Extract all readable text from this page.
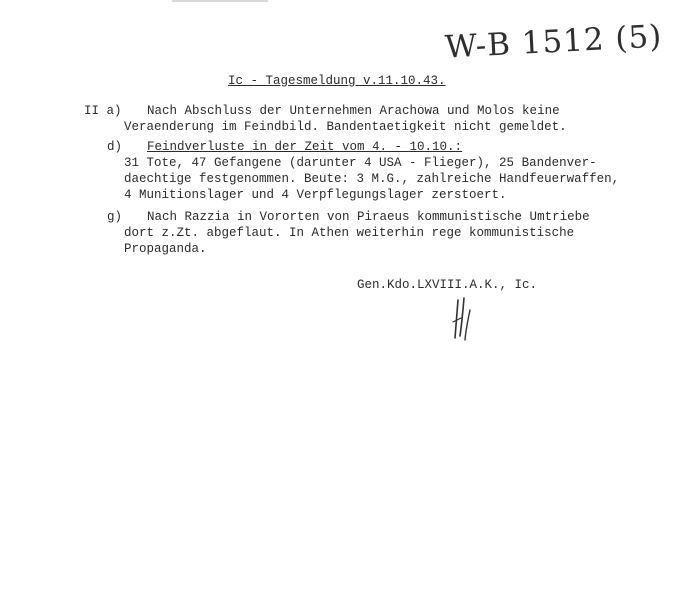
W-B 1512 (5)
Ic - Tagesmeldung v.11.10.43.
II a) Nach Abschluss der Unternehmen Arachowa und Molos keine
Veraenderung im Feindbild. Bandentaetigkeit nicht gemeldet.
d) Feindverluste in der Zeit vom 4. - 10.10.:
31 Tote, 47 Gefangene (darunter 4 USA - Flieger), 25 Bandenver-
daechtige festgenommen. Beute: 3 M.G., zahlreiche Handfeuerwaffen,
4 Munitionslager und 4 Verpflegungslager zerstoert.
g) Nach Razzia in Vororten von Piraeus kommunistische Umtriebe
dort z.Zt. abgeflaut. In Athen weiterhin rege kommunistische
Propaganda.
Gen.Kdo.LXVIII.A.K., Ic.
